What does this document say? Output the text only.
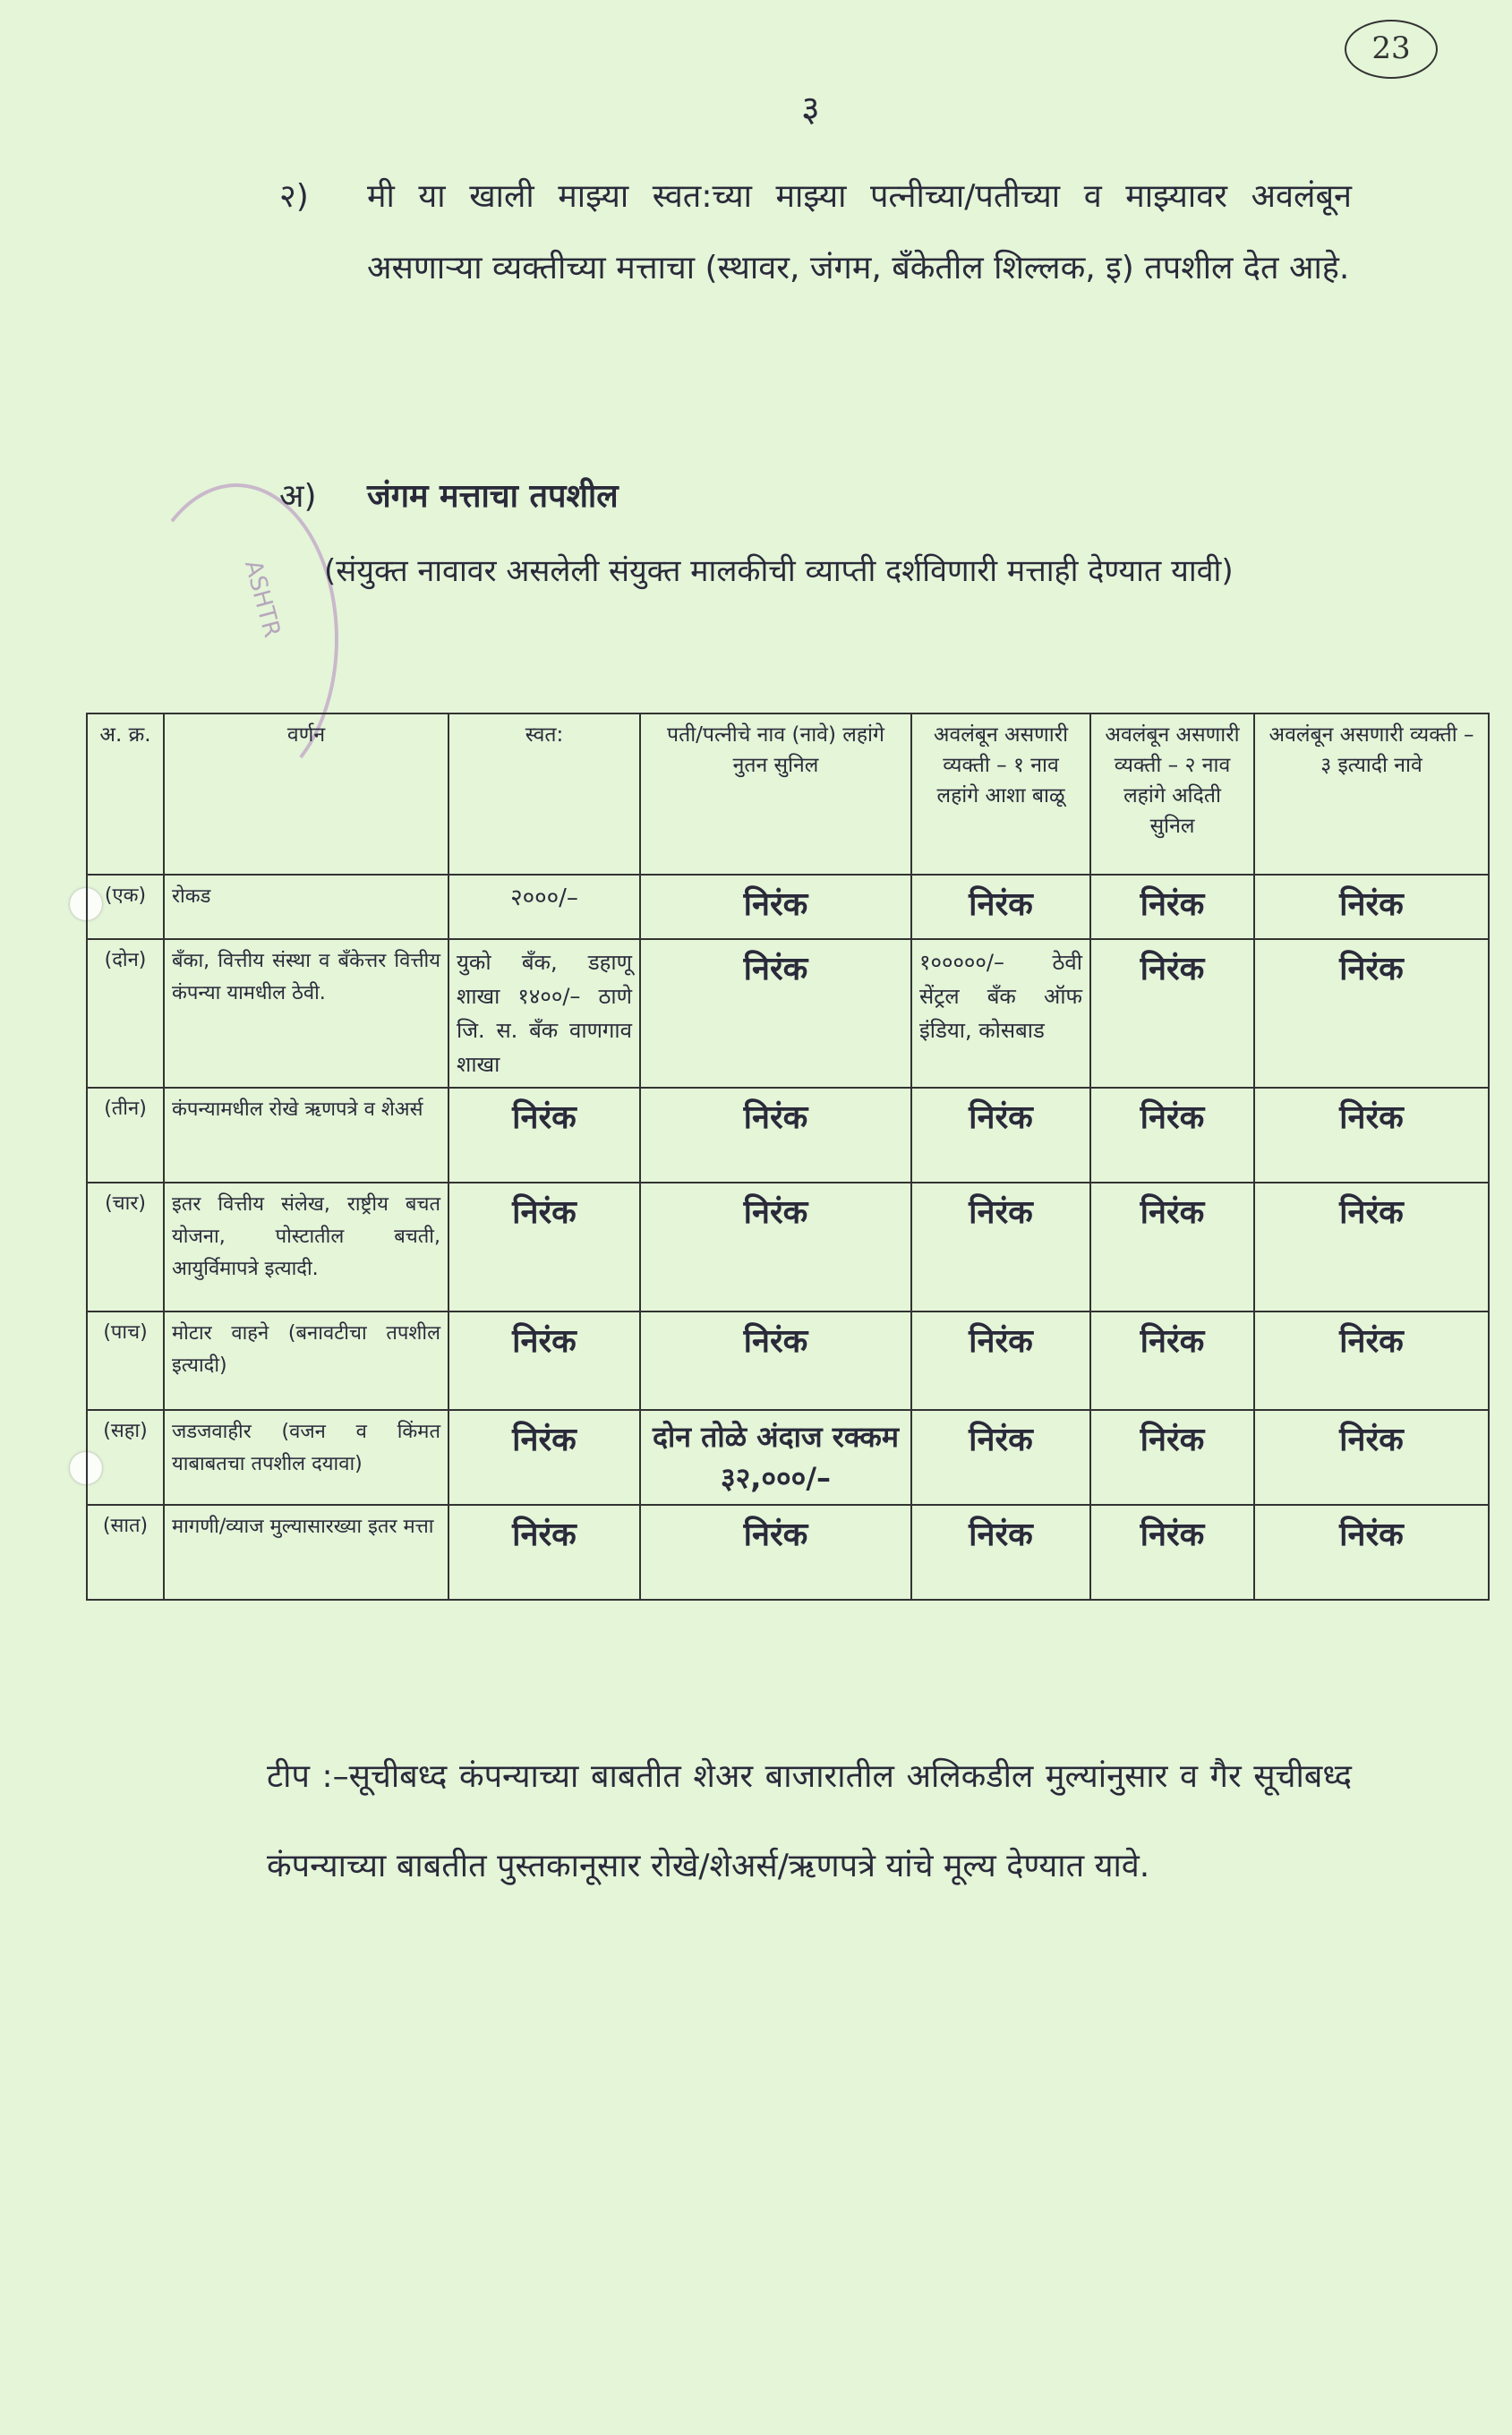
23
३
ASHTR
२) मी या खाली माझ्या स्वत:च्या माझ्या पत्नीच्या/पतीच्या व माझ्यावर अवलंबून असणाऱ्या व्यक्तीच्या मत्ताचा (स्थावर, जंगम, बँकेतील शिल्लक, इ) तपशील देत आहे.
अ) जंगम मत्ताचा तपशील
(संयुक्त नावावर असलेली संयुक्त मालकीची व्याप्ती दर्शविणारी मत्ताही देण्यात यावी)
अ. क्र.	वर्णन	स्वत:	पती/पत्नीचे नाव (नावे) लहांगे नुतन सुनिल	अवलंबून असणारी व्यक्ती – १ नाव लहांगे आशा बाळू	अवलंबून असणारी व्यक्ती – २ नाव लहांगे अदिती सुनिल	अवलंबून असणारी व्यक्ती – ३ इत्यादी नावे
(एक)	रोकड	२०००/–	निरंक	निरंक	निरंक	निरंक
(दोन)	बँका, वित्तीय संस्था व बँकेत्तर वित्तीय कंपन्या यामधील ठेवी.	युको बँक, डहाणू शाखा १४००/– ठाणे जि. स. बँक वाणगाव शाखा	निरंक	१०००००/– ठेवी सेंट्रल बँक ऑफ इंडिया, कोसबाड	निरंक	निरंक
(तीन)	कंपन्यामधील रोखे ऋणपत्रे व शेअर्स	निरंक	निरंक	निरंक	निरंक	निरंक
(चार)	इतर वित्तीय संलेख, राष्ट्रीय बचत योजना, पोस्टातील बचती, आयुर्विमापत्रे इत्यादी.	निरंक	निरंक	निरंक	निरंक	निरंक
(पाच)	मोटार वाहने (बनावटीचा तपशील इत्यादी)	निरंक	निरंक	निरंक	निरंक	निरंक
(सहा)	जडजवाहीर (वजन व किंमत याबाबतचा तपशील दयावा)	निरंक	दोन तोळे अंदाज रक्कम ३२,०००/–	निरंक	निरंक	निरंक
(सात)	मागणी/व्याज मुल्यासारख्या इतर मत्ता	निरंक	निरंक	निरंक	निरंक	निरंक
टीप :–सूचीबध्द कंपन्याच्या बाबतीत शेअर बाजारातील अलिकडील मुल्यांनुसार व गैर सूचीबध्द कंपन्याच्या बाबतीत पुस्तकानूसार रोखे/शेअर्स/ऋणपत्रे यांचे मूल्य देण्यात यावे.
